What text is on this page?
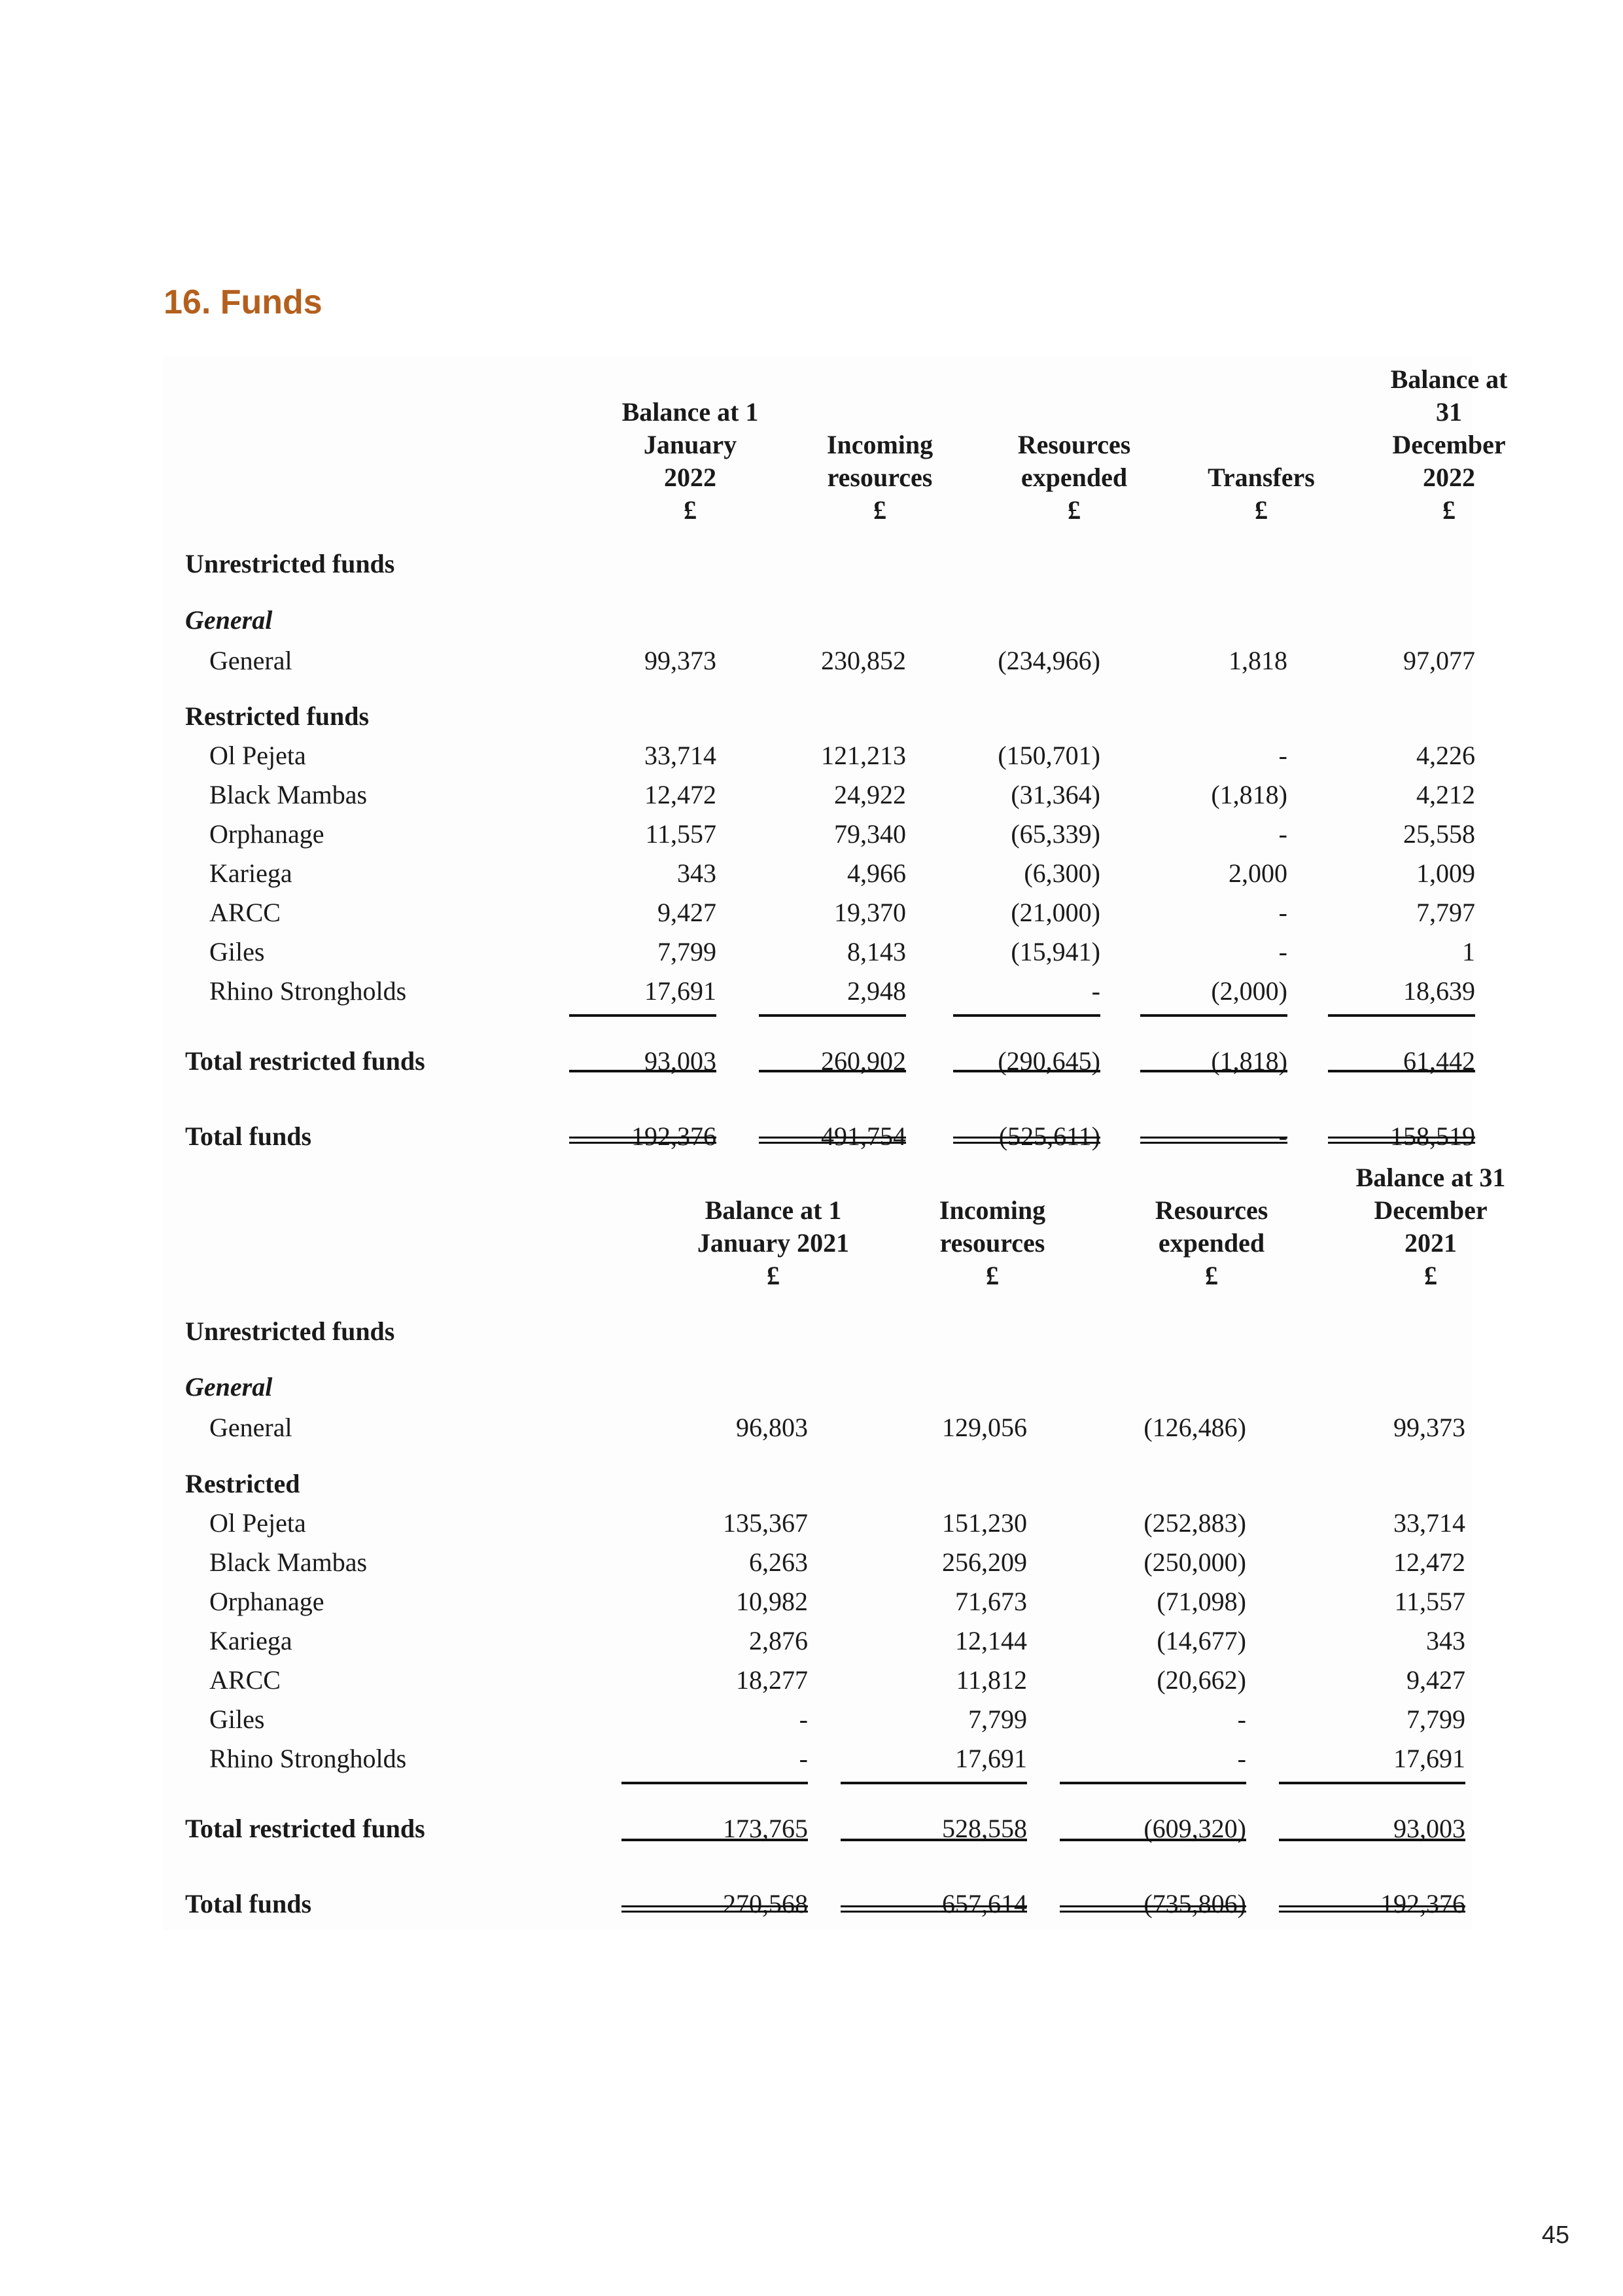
16. Funds
Balance at 1
January
2022
£
Incoming
resources
£
Resources
expended
£
Transfers
£
Balance at
31
December
2022
£
Unrestricted funds
General
General	99,373	230,852	(234,966)	1,818	97,077
Restricted funds
Ol Pejeta	33,714	121,213	(150,701)	-	4,226
Black Mambas	12,472	24,922	(31,364)	(1,818)	4,212
Orphanage	11,557	79,340	(65,339)	-	25,558
Kariega	343	4,966	(6,300)	2,000	1,009
ARCC	9,427	19,370	(21,000)	-	7,797
Giles	7,799	8,143	(15,941)	-	1
Rhino Strongholds	17,691	2,948	-	(2,000)	18,639
Total restricted funds	93,003	260,902	(290,645)	(1,818)	61,442
Total funds	192,376	491,754	(525,611)	-	158,519
Balance at 1
January 2021
£
Incoming
resources
£
Resources
expended
£
Balance at 31
December
2021
£
Unrestricted funds
General
General	96,803	129,056	(126,486)	99,373
Restricted
Ol Pejeta	135,367	151,230	(252,883)	33,714
Black Mambas	6,263	256,209	(250,000)	12,472
Orphanage	10,982	71,673	(71,098)	11,557
Kariega	2,876	12,144	(14,677)	343
ARCC	18,277	11,812	(20,662)	9,427
Giles	-	7,799	-	7,799
Rhino Strongholds	-	17,691	-	17,691
Total restricted funds	173,765	528,558	(609,320)	93,003
Total funds	270,568	657,614	(735,806)	192,376
45
